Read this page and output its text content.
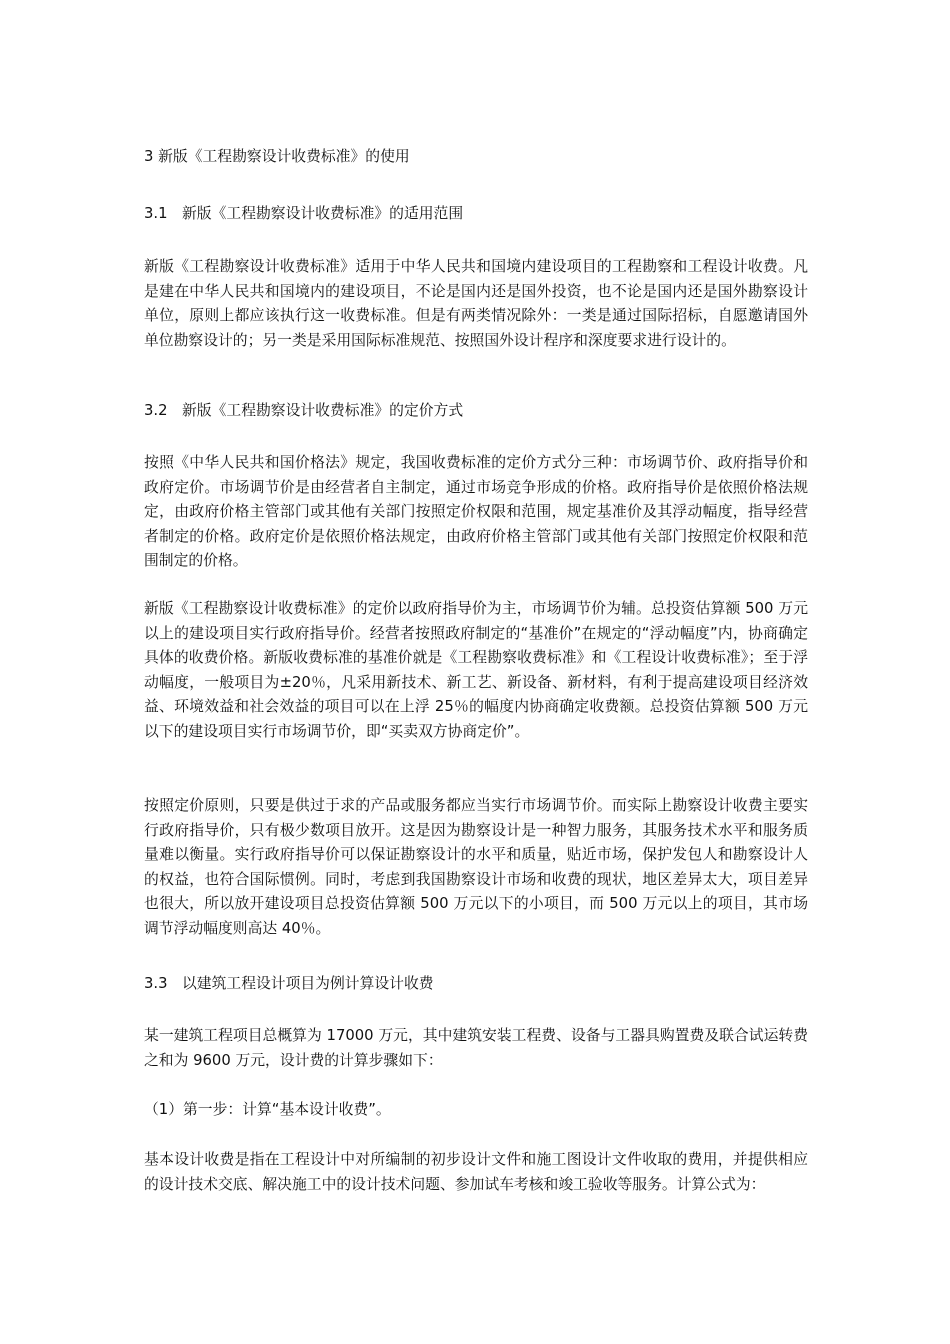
3 新版《工程勘察设计收费标准》的使用

3.1 新版《工程勘察设计收费标准》的适用范围

新版《工程勘察设计收费标准》适用于中华人民共和国境内建设项目的工程勘察和工程设计收费。凡是建在中华人民共和国境内的建设项目，不论是国内还是国外投资，也不论是国内还是国外勘察设计单位，原则上都应该执行这一收费标准。但是有两类情况除外：一类是通过国际招标，自愿邀请国外单位勘察设计的；另一类是采用国际标准规范、按照国外设计程序和深度要求进行设计的。

3.2 新版《工程勘察设计收费标准》的定价方式

按照《中华人民共和国价格法》规定，我国收费标准的定价方式分三种：市场调节价、政府指导价和政府定价。市场调节价是由经营者自主制定，通过市场竞争形成的价格。政府指导价是依照价格法规定，由政府价格主管部门或其他有关部门按照定价权限和范围，规定基准价及其浮动幅度，指导经营者制定的价格。政府定价是依照价格法规定，由政府价格主管部门或其他有关部门按照定价权限和范围制定的价格。

新版《工程勘察设计收费标准》的定价以政府指导价为主，市场调节价为辅。总投资估算额 500 万元以上的建设项目实行政府指导价。经营者按照政府制定的“基准价”在规定的“浮动幅度”内，协商确定具体的收费价格。新版收费标准的基准价就是《工程勘察收费标准》和《工程设计收费标准》；至于浮动幅度，一般项目为±20％，凡采用新技术、新工艺、新设备、新材料，有利于提高建设项目经济效益、环境效益和社会效益的项目可以在上浮 25％的幅度内协商确定收费额。总投资估算额 500 万元以下的建设项目实行市场调节价，即“买卖双方协商定价”。

按照定价原则，只要是供过于求的产品或服务都应当实行市场调节价。而实际上勘察设计收费主要实行政府指导价，只有极少数项目放开。这是因为勘察设计是一种智力服务，其服务技术水平和服务质量难以衡量。实行政府指导价可以保证勘察设计的水平和质量，贴近市场，保护发包人和勘察设计人的权益，也符合国际惯例。同时，考虑到我国勘察设计市场和收费的现状，地区差异太大，项目差异也很大，所以放开建设项目总投资估算额 500 万元以下的小项目，而 500 万元以上的项目，其市场调节浮动幅度则高达 40％。

3.3 以建筑工程设计项目为例计算设计收费

某一建筑工程项目总概算为 17000 万元，其中建筑安装工程费、设备与工器具购置费及联合试运转费之和为 9600 万元，设计费的计算步骤如下：

（1）第一步：计算“基本设计收费”。

基本设计收费是指在工程设计中对所编制的初步设计文件和施工图设计文件收取的费用，并提供相应的设计技术交底、解决施工中的设计技术问题、参加试车考核和竣工验收等服务。计算公式为：
